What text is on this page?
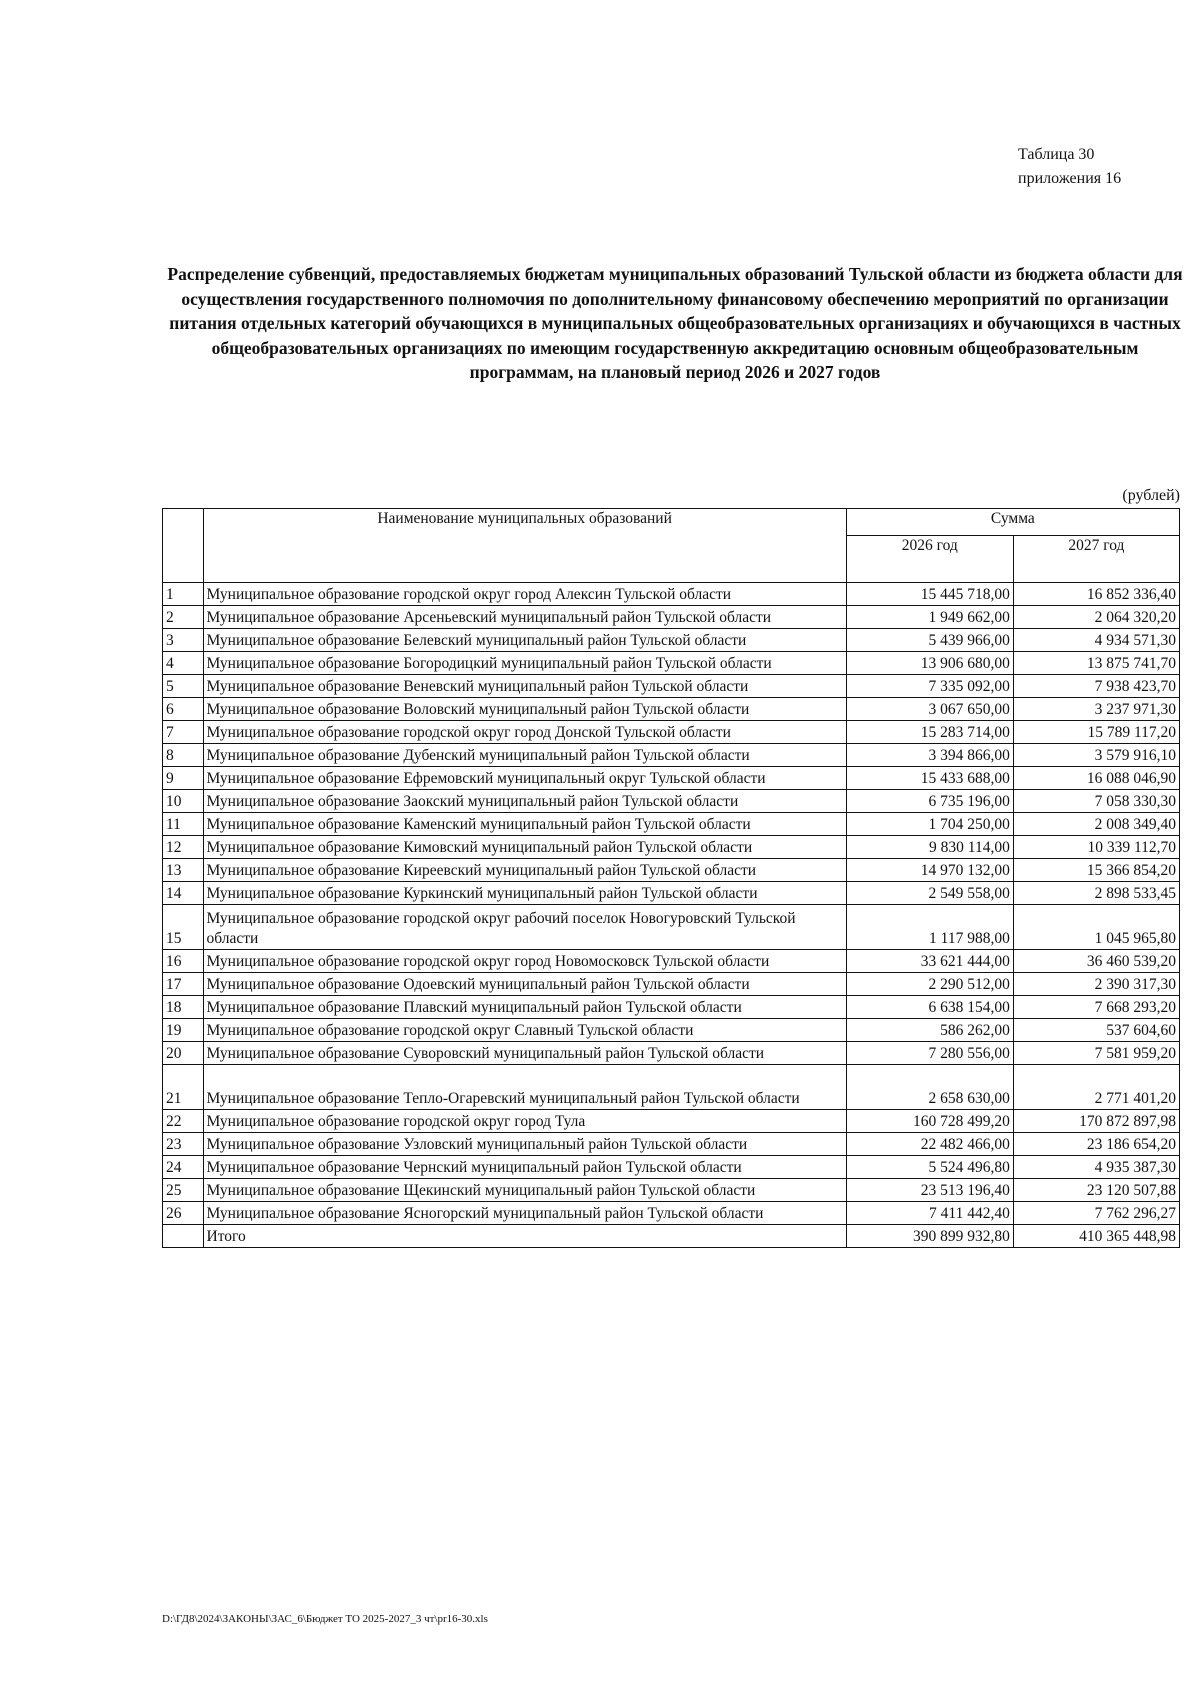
Таблица 30
приложения 16
Распределение субвенций, предоставляемых бюджетам муниципальных образований Тульской области из бюджета области для осуществления государственного полномочия по дополнительному финансовому обеспечению мероприятий по организации питания отдельных категорий обучающихся в муниципальных общеобразовательных организациях и обучающихся в частных общеобразовательных организациях по имеющим государственную аккредитацию основным общеобразовательным программам, на плановый период 2026 и 2027 годов
(рублей)
	Наименование муниципальных образований	Сумма	
		2026 год	2027 год
1	Муниципальное образование городской округ город Алексин Тульской области	15 445 718,00	16 852 336,40
2	Муниципальное образование Арсеньевский муниципальный район Тульской области	1 949 662,00	2 064 320,20
3	Муниципальное образование Белевский муниципальный район Тульской области	5 439 966,00	4 934 571,30
4	Муниципальное образование Богородицкий муниципальный район Тульской области	13 906 680,00	13 875 741,70
5	Муниципальное образование Веневский муниципальный район Тульской области	7 335 092,00	7 938 423,70
6	Муниципальное образование Воловский муниципальный район Тульской области	3 067 650,00	3 237 971,30
7	Муниципальное образование городской округ город Донской Тульской области	15 283 714,00	15 789 117,20
8	Муниципальное образование Дубенский муниципальный район Тульской области	3 394 866,00	3 579 916,10
9	Муниципальное образование Ефремовский муниципальный округ Тульской области	15 433 688,00	16 088 046,90
10	Муниципальное образование Заокский муниципальный район Тульской области	6 735 196,00	7 058 330,30
11	Муниципальное образование Каменский муниципальный район Тульской области	1 704 250,00	2 008 349,40
12	Муниципальное образование Кимовский муниципальный район Тульской области	9 830 114,00	10 339 112,70
13	Муниципальное образование Киреевский муниципальный район Тульской области	14 970 132,00	15 366 854,20
14	Муниципальное образование Куркинский муниципальный район Тульской области	2 549 558,00	2 898 533,45
15	Муниципальное образование городской округ рабочий поселок Новогуровский Тульской области	1 117 988,00	1 045 965,80
16	Муниципальное образование городской округ город Новомосковск Тульской области	33 621 444,00	36 460 539,20
17	Муниципальное образование Одоевский муниципальный район Тульской области	2 290 512,00	2 390 317,30
18	Муниципальное образование Плавский муниципальный район Тульской области	6 638 154,00	7 668 293,20
19	Муниципальное образование городской округ Славный Тульской области	586 262,00	537 604,60
20	Муниципальное образование Суворовский муниципальный район Тульской области	7 280 556,00	7 581 959,20
21	Муниципальное образование Тепло-Огаревский муниципальный район Тульской области	2 658 630,00	2 771 401,20
22	Муниципальное образование городской округ город Тула	160 728 499,20	170 872 897,98
23	Муниципальное образование Узловский муниципальный район Тульской области	22 482 466,00	23 186 654,20
24	Муниципальное образование Чернский муниципальный район Тульской области	5 524 496,80	4 935 387,30
25	Муниципальное образование Щекинский муниципальный район Тульской области	23 513 196,40	23 120 507,88
26	Муниципальное образование Ясногорский муниципальный район Тульской области	7 411 442,40	7 762 296,27
	Итого	390 899 932,80	410 365 448,98
D:\ГД8\2024\ЗАКОНЫ\ЗАС_6\Бюджет ТО 2025-2027_3 чт\pr16-30.xls
